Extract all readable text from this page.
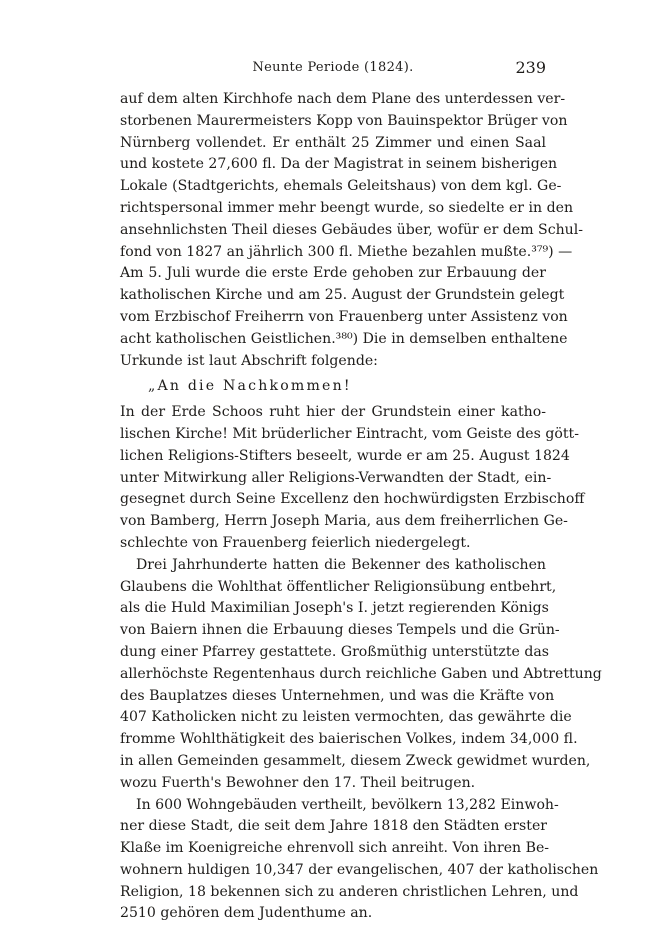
Neunte Periode (1824).	239
auf dem alten Kirchhofe nach dem Plane des unterdessen ver-
storbenen Maurermeisters Kopp von Bauinspektor Brüger von
Nürnberg vollendet. Er enthält 25 Zimmer und einen Saal
und kostete 27,600 fl. Da der Magistrat in seinem bisherigen
Lokale (Stadtgerichts, ehemals Geleitshaus) von dem kgl. Ge-
richtspersonal immer mehr beengt wurde, so siedelte er in den
ansehnlichsten Theil dieses Gebäudes über, wofür er dem Schul-
fond von 1827 an jährlich 300 fl. Miethe bezahlen mußte.³⁷⁹) —
Am 5. Juli wurde die erste Erde gehoben zur Erbauung der
katholischen Kirche und am 25. August der Grundstein gelegt
vom Erzbischof Freiherrn von Frauenberg unter Assistenz von
acht katholischen Geistlichen.³⁸⁰) Die in demselben enthaltene
Urkunde ist laut Abschrift folgende:
„An die Nachkommen!
In der Erde Schoos ruht hier der Grundstein einer katho-
lischen Kirche! Mit brüderlicher Eintracht, vom Geiste des gött-
lichen Religions-Stifters beseelt, wurde er am 25. August 1824
unter Mitwirkung aller Religions-Verwandten der Stadt, ein-
gesegnet durch Seine Excellenz den hochwürdigsten Erzbischoff
von Bamberg, Herrn Joseph Maria, aus dem freiherrlichen Ge-
schlechte von Frauenberg feierlich niedergelegt.
Drei Jahrhunderte hatten die Bekenner des katholischen
Glaubens die Wohlthat öffentlicher Religionsübung entbehrt,
als die Huld Maximilian Joseph's I. jetzt regierenden Königs
von Baiern ihnen die Erbauung dieses Tempels und die Grün-
dung einer Pfarrey gestattete. Großmüthig unterstützte das
allerhöchste Regentenhaus durch reichliche Gaben und Abtrettung
des Bauplatzes dieses Unternehmen, und was die Kräfte von
407 Katholicken nicht zu leisten vermochten, das gewährte die
fromme Wohlthätigkeit des baierischen Volkes, indem 34,000 fl.
in allen Gemeinden gesammelt, diesem Zweck gewidmet wurden,
wozu Fuerth's Bewohner den 17. Theil beitrugen.
In 600 Wohngebäuden vertheilt, bevölkern 13,282 Einwoh-
ner diese Stadt, die seit dem Jahre 1818 den Städten erster
Klaße im Koenigreiche ehrenvoll sich anreiht. Von ihren Be-
wohnern huldigen 10,347 der evangelischen, 407 der katholischen
Religion, 18 bekennen sich zu anderen christlichen Lehren, und
2510 gehören dem Judenthume an.
